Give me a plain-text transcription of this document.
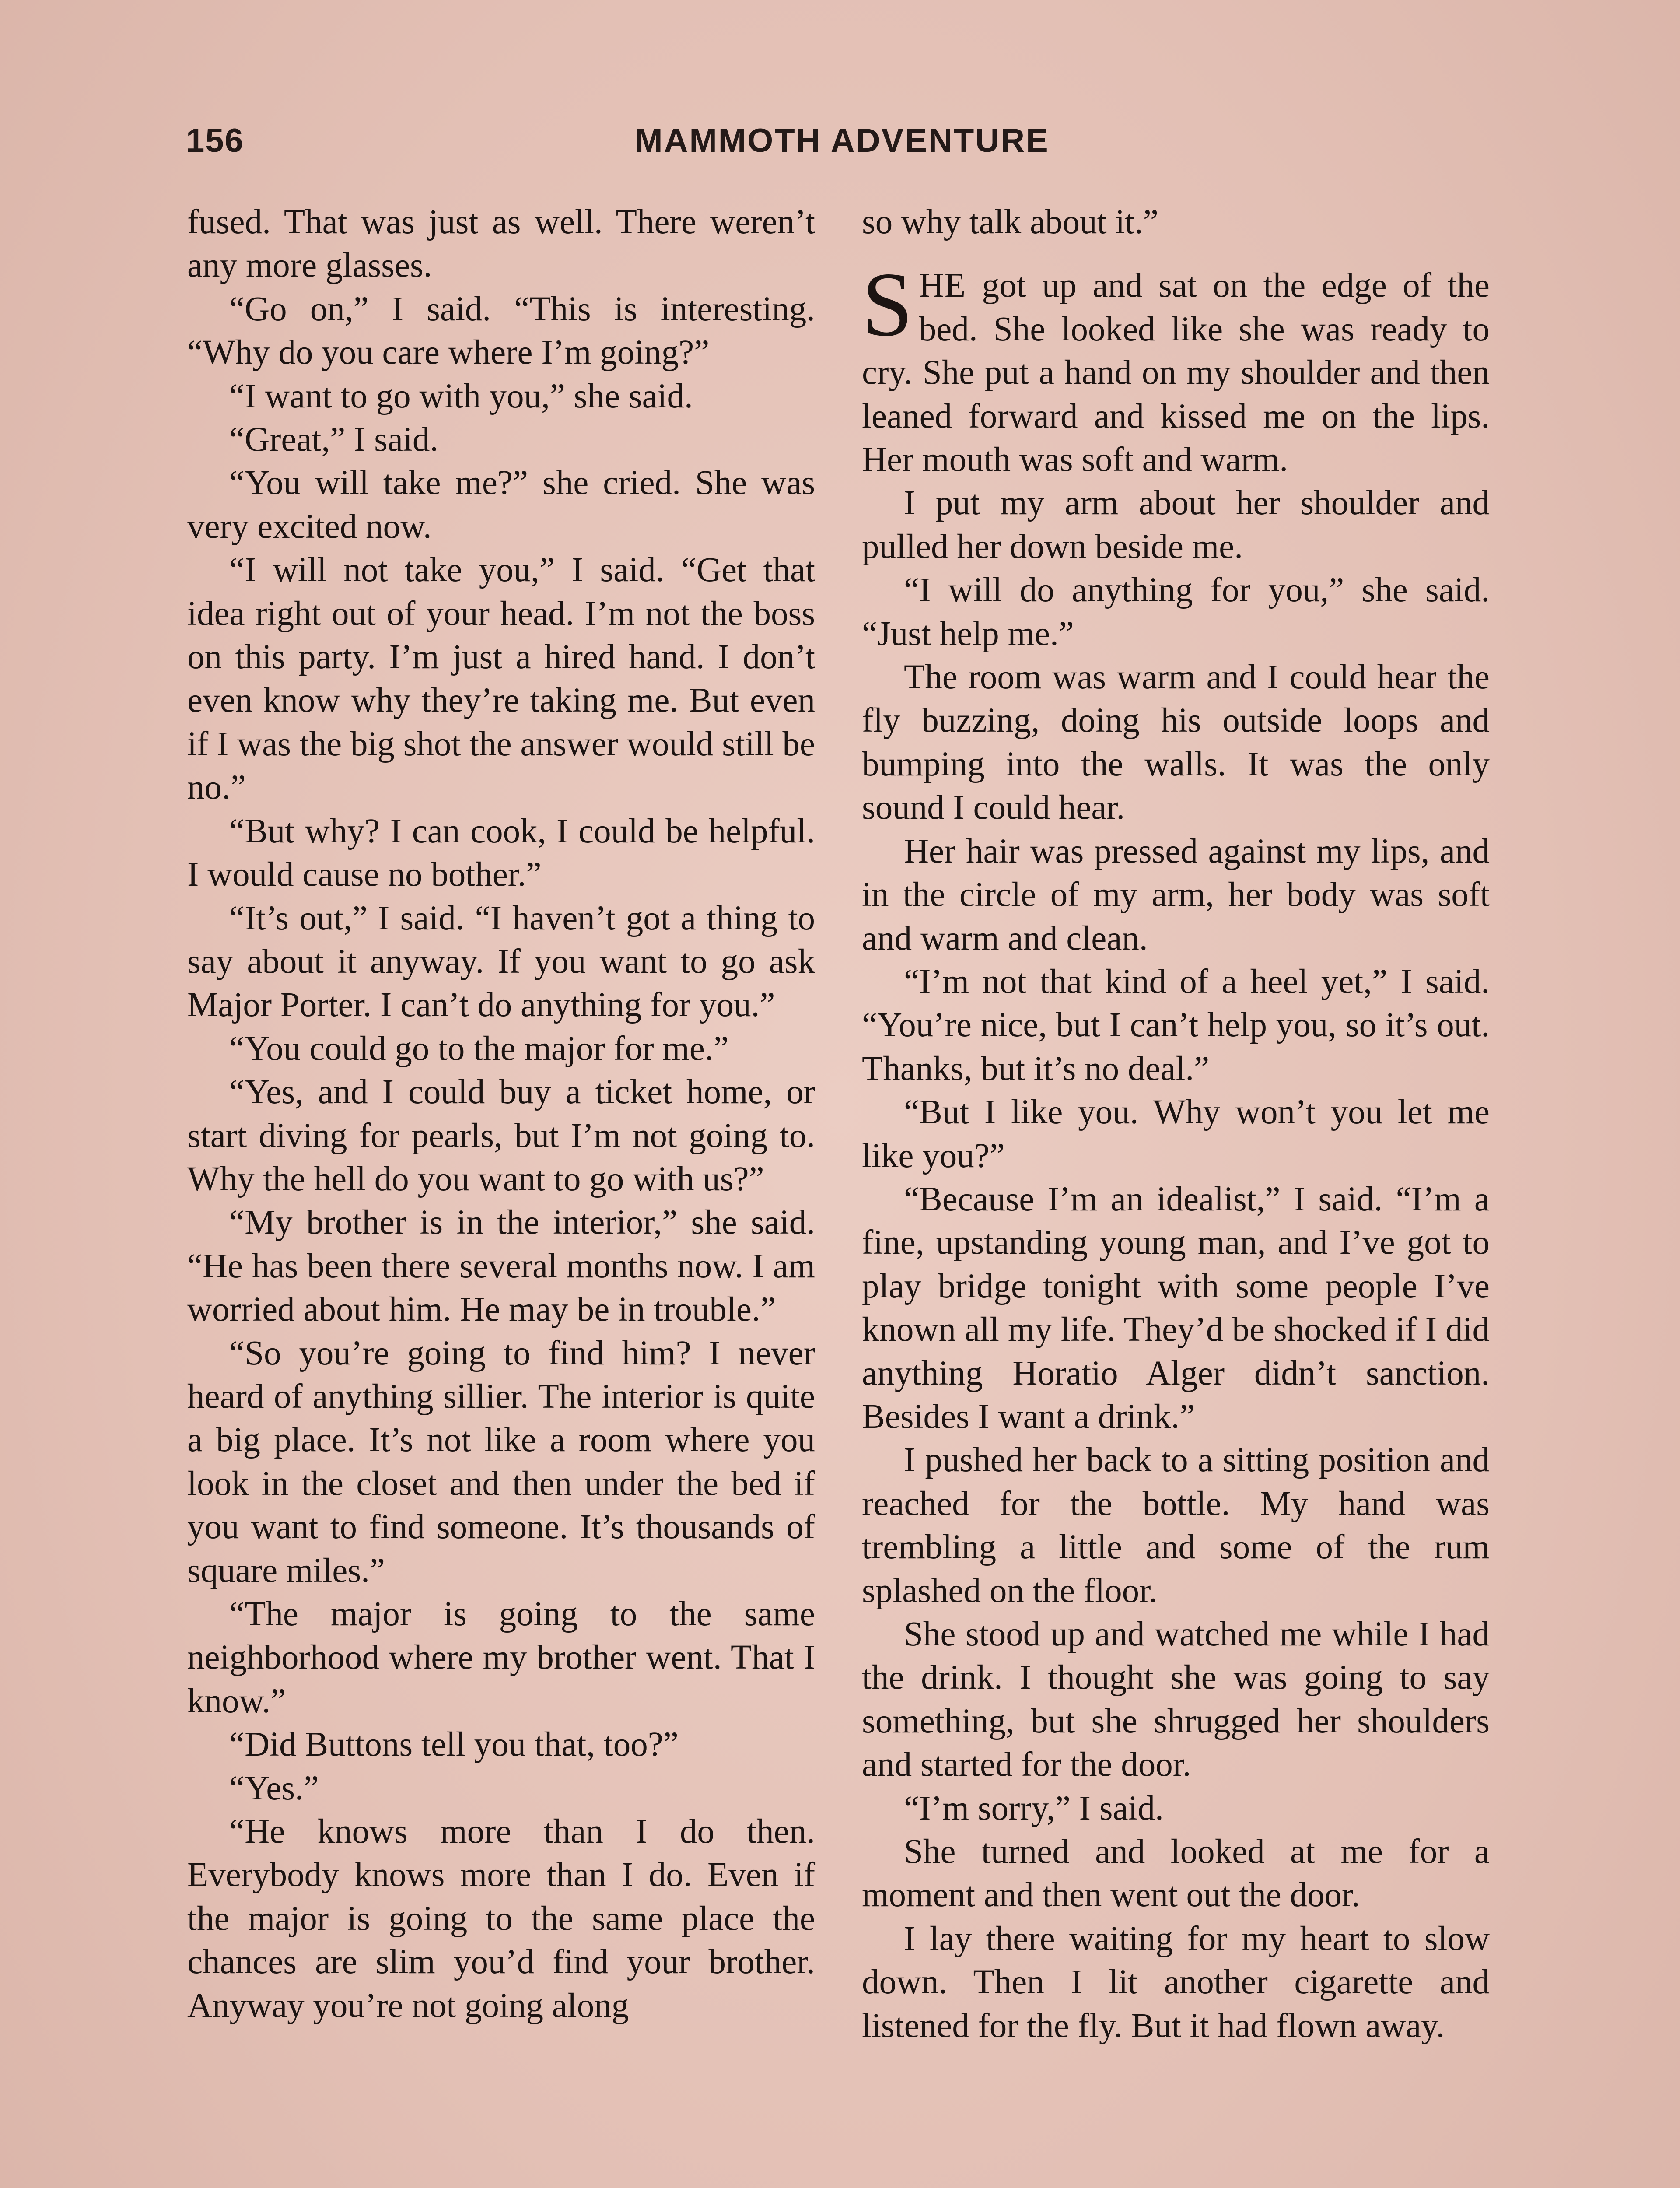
156	MAMMOTH ADVENTURE

fused. That was just as well. There weren’t any more glasses.

“Go on,” I said. “This is interesting. “Why do you care where I’m going?”

“I want to go with you,” she said.

“Great,” I said.

“You will take me?” she cried. She was very excited now.

“I will not take you,” I said. “Get that idea right out of your head. I’m not the boss on this party. I’m just a hired hand. I don’t even know why they’re taking me. But even if I was the big shot the answer would still be no.”

“But why? I can cook, I could be helpful. I would cause no bother.”

“It’s out,” I said. “I haven’t got a thing to say about it anyway. If you want to go ask Major Porter. I can’t do anything for you.”

“You could go to the major for me.”

“Yes, and I could buy a ticket home, or start diving for pearls, but I’m not going to. Why the hell do you want to go with us?”

“My brother is in the interior,” she said. “He has been there several months now. I am worried about him. He may be in trouble.”

“So you’re going to find him? I never heard of anything sillier. The interior is quite a big place. It’s not like a room where you look in the closet and then under the bed if you want to find someone. It’s thousands of square miles.”

“The major is going to the same neighborhood where my brother went. That I know.”

“Did Buttons tell you that, too?”

“Yes.”

“He knows more than I do then. Everybody knows more than I do. Even if the major is going to the same place the chances are slim you’d find your brother. Anyway you’re not going along

so why talk about it.”

SHE got up and sat on the edge of the bed. She looked like she was ready to cry. She put a hand on my shoulder and then leaned forward and kissed me on the lips. Her mouth was soft and warm.

I put my arm about her shoulder and pulled her down beside me.

“I will do anything for you,” she said. “Just help me.”

The room was warm and I could hear the fly buzzing, doing his outside loops and bumping into the walls. It was the only sound I could hear.

Her hair was pressed against my lips, and in the circle of my arm, her body was soft and warm and clean.

“I’m not that kind of a heel yet,” I said. “You’re nice, but I can’t help you, so it’s out. Thanks, but it’s no deal.”

“But I like you. Why won’t you let me like you?”

“Because I’m an idealist,” I said. “I’m a fine, upstanding young man, and I’ve got to play bridge tonight with some people I’ve known all my life. They’d be shocked if I did anything Horatio Alger didn’t sanction. Besides I want a drink.”

I pushed her back to a sitting position and reached for the bottle. My hand was trembling a little and some of the rum splashed on the floor.

She stood up and watched me while I had the drink. I thought she was going to say something, but she shrugged her shoulders and started for the door.

“I’m sorry,” I said.

She turned and looked at me for a moment and then went out the door.

I lay there waiting for my heart to slow down. Then I lit another cigarette and listened for the fly. But it had flown away.
